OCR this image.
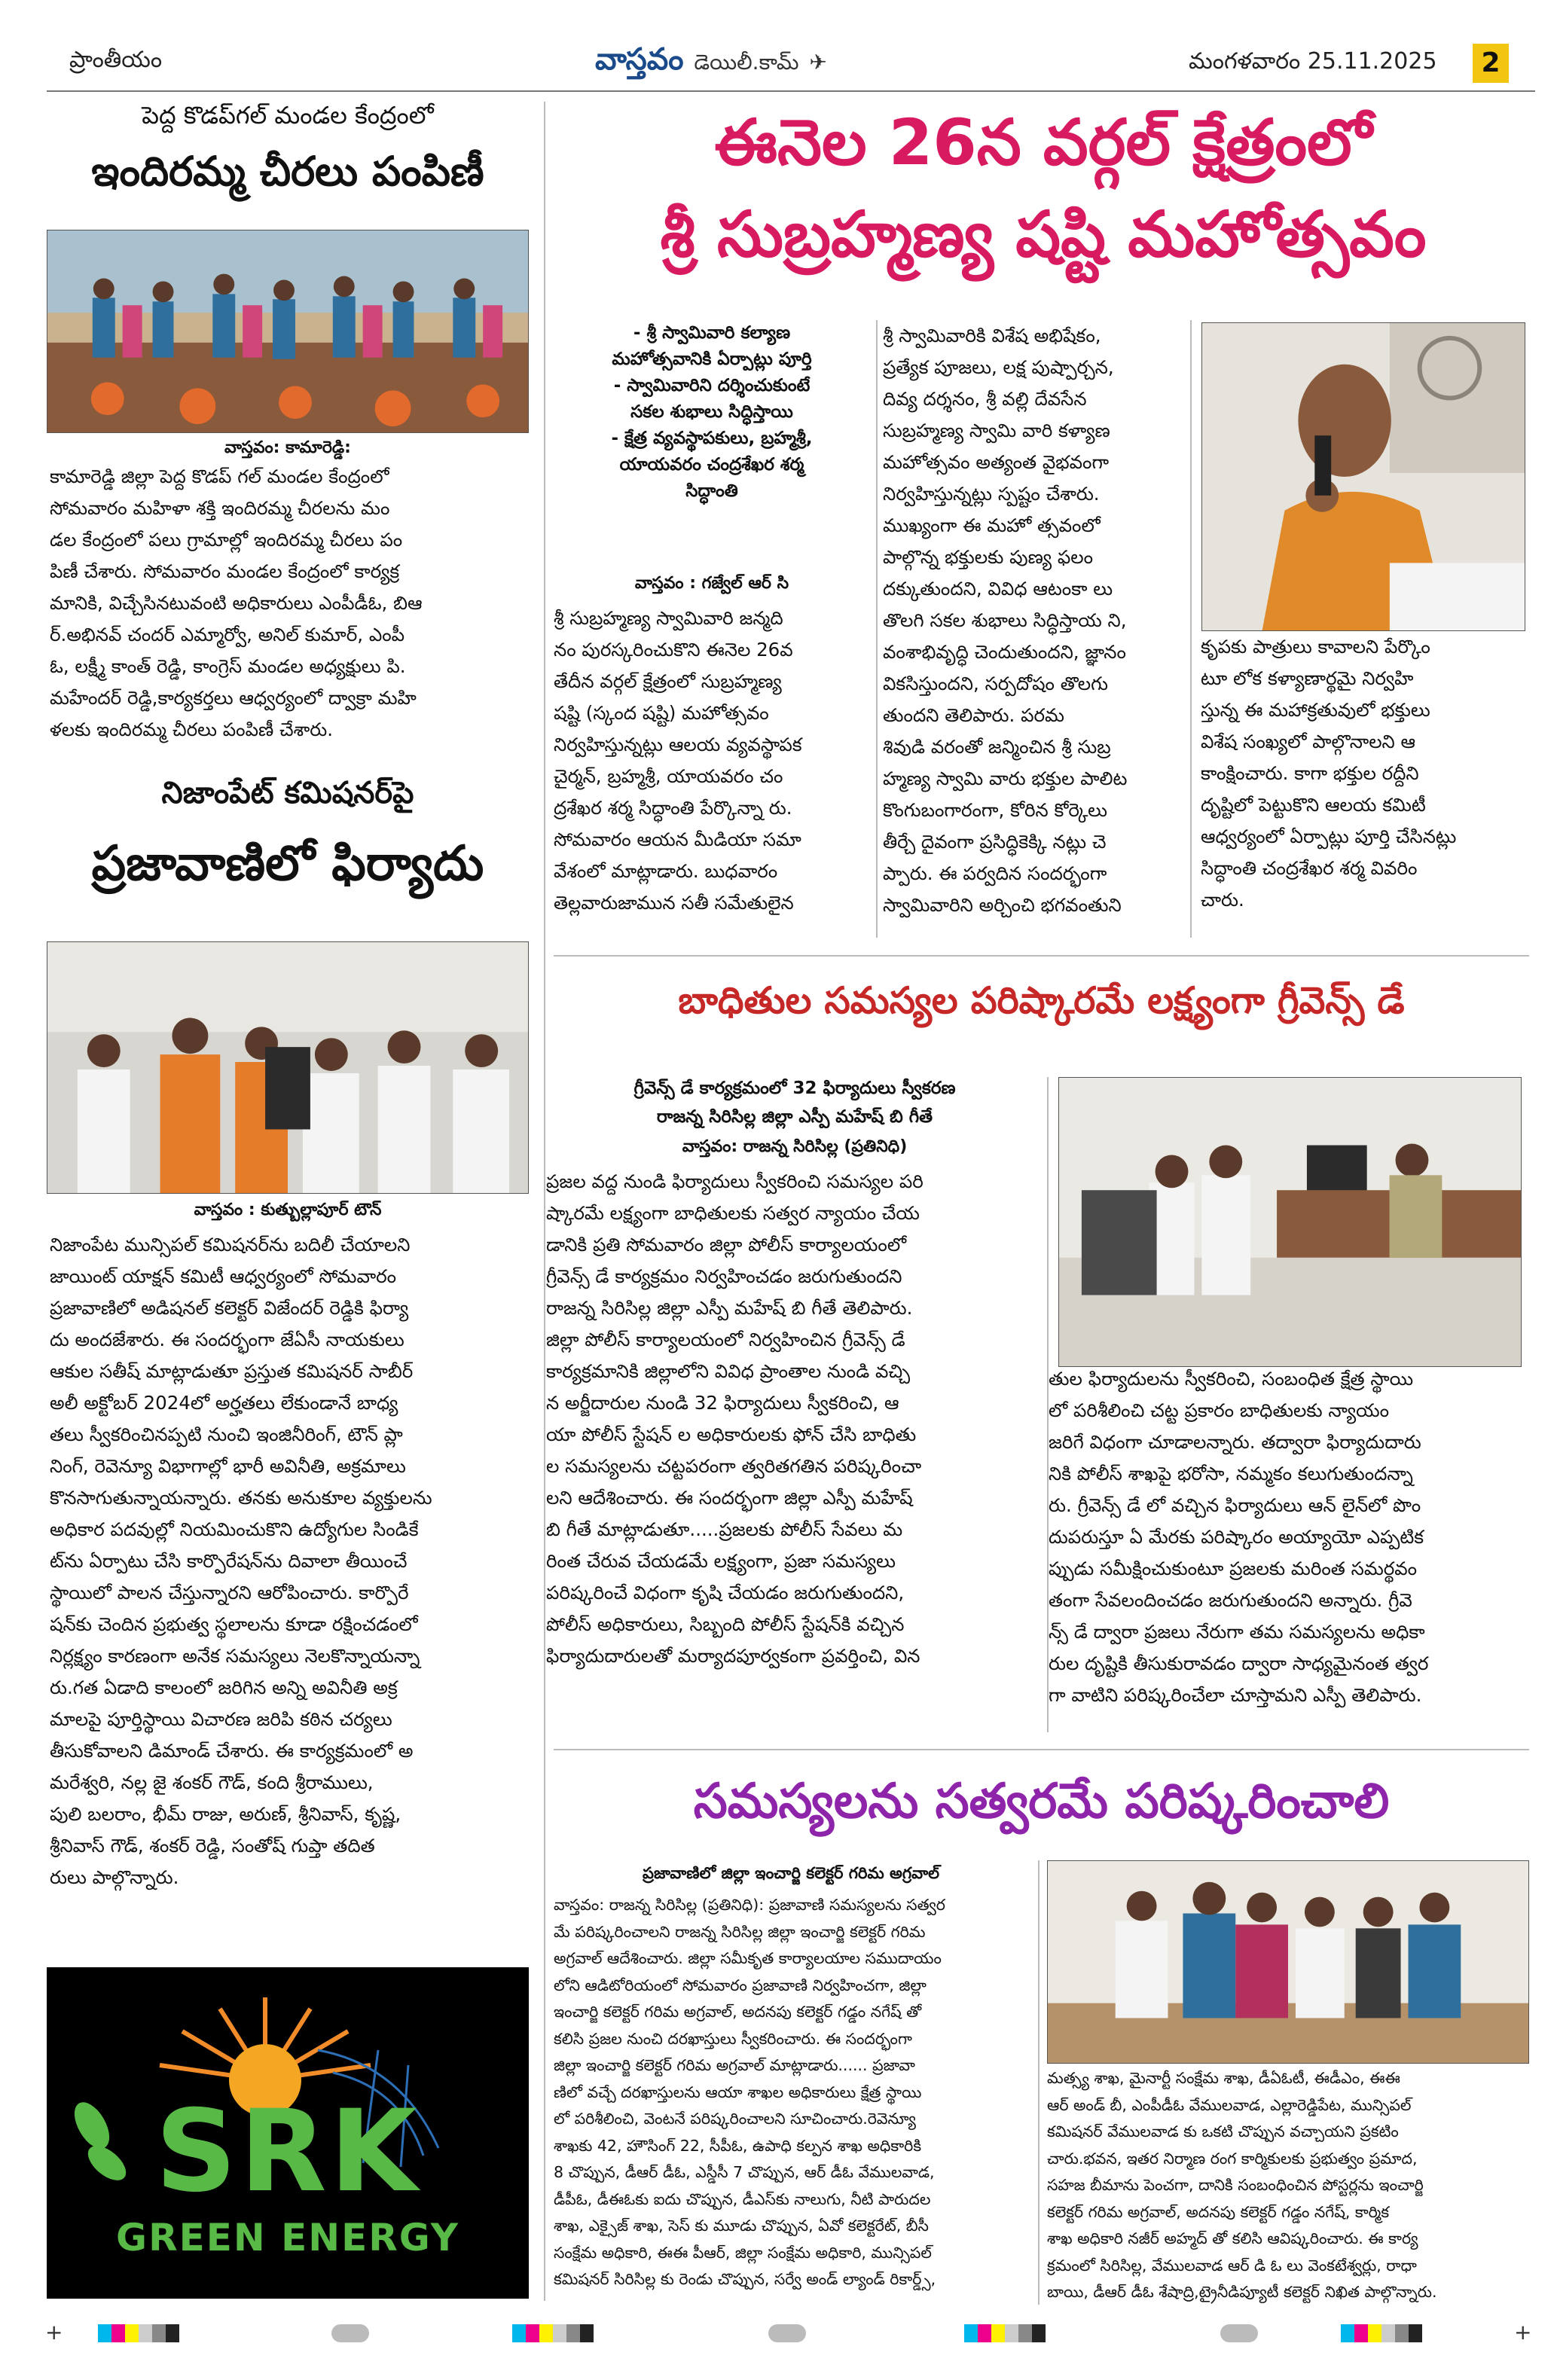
ప్రాంతీయం	వాస్తవం డెయిలీ.కామ్ ✈	మంగళవారం 25.11.2025	2
పెద్ద కొడప్‌గల్ మండల కేంద్రంలో
ఇందిరమ్మ చీరలు పంపిణీ
వాస్తవం: కామారెడ్డి:
కామారెడ్డి జిల్లా పెద్ద కొడప్ గల్ మండల కేంద్రంలో
సోమవారం మహిళా శక్తి ఇందిరమ్మ చీరలను మం
డల కేంద్రంలో పలు గ్రామాల్లో ఇందిరమ్మ చీరలు పం
పిణీ చేశారు. సోమవారం మండల కేంద్రంలో కార్యక్ర
మానికి, విచ్చేసినటువంటి అధికారులు ఎంపీడీఓ, బిఆ
ర్.అభినవ్ చందర్ ఎమ్మార్వో, అనిల్ కుమార్, ఎంపీ
ఓ, లక్ష్మీ కాంత్ రెడ్డి, కాంగ్రెస్ మండల అధ్యక్షులు పి.
మహేందర్ రెడ్డి,కార్యకర్తలు ఆధ్వర్యంలో ద్వాక్రా మహి
ళలకు ఇందిరమ్మ చీరలు పంపిణీ చేశారు.
నిజాంపేట్ కమిషనర్‌పై
ప్రజావాణిలో ఫిర్యాదు
వాస్తవం : కుత్బుల్లాపూర్ టౌన్
నిజాంపేట మున్సిపల్ కమిషనర్‌ను బదిలీ చేయాలని
జాయింట్ యాక్షన్ కమిటీ ఆధ్వర్యంలో సోమవారం
ప్రజావాణిలో అడిషనల్ కలెక్టర్ విజేందర్ రెడ్డికి ఫిర్యా
దు అందజేశారు. ఈ సందర్భంగా జేఏసీ నాయకులు
ఆకుల సతీష్ మాట్లాడుతూ ప్రస్తుత కమిషనర్ సాబీర్
అలీ అక్టోబర్ 2024లో అర్హతలు లేకుండానే బాధ్య
తలు స్వీకరించినప్పటి నుంచి ఇంజినీరింగ్, టౌన్ ప్లా
నింగ్, రెవెన్యూ విభాగాల్లో భారీ అవినీతి, అక్రమాలు
కొనసాగుతున్నాయన్నారు. తనకు అనుకూల వ్యక్తులను
అధికార పదవుల్లో నియమించుకొని ఉద్యోగుల సిండికే
ట్‌ను ఏర్పాటు చేసి కార్పొరేషన్‌ను దివాలా తీయించే
స్థాయిలో పాలన చేస్తున్నారని ఆరోపించారు. కార్పొరే
షన్‌కు చెందిన ప్రభుత్వ స్థలాలను కూడా రక్షించడంలో
నిర్లక్ష్యం కారణంగా అనేక సమస్యలు నెలకొన్నాయన్నా
రు.గత ఏడాది కాలంలో జరిగిన అన్ని అవినీతి అక్ర
మాలపై పూర్తిస్థాయి విచారణ జరిపి కఠిన చర్యలు
తీసుకోవాలని డిమాండ్ చేశారు. ఈ కార్యక్రమంలో అ
మరేశ్వరి, నల్ల జై శంకర్ గౌడ్, కంది శ్రీరాములు,
పులి బలరాం, భీమ్ రాజు, అరుణ్, శ్రీనివాస్, కృష్ణ,
శ్రీనివాస్ గౌడ్, శంకర్ రెడ్డి, సంతోష్ గుప్తా తదిత
రులు పాల్గొన్నారు.
SRK
GREEN ENERGY
ఈనెల 26న వర్గల్ క్షేత్రంలో
శ్రీ సుబ్రహ్మణ్య షష్టి మహోత్సవం
- శ్రీ స్వామివారి కల్యాణ
మహోత్సవానికి ఏర్పాట్లు పూర్తి
- స్వామివారిని దర్శించుకుంటే
సకల శుభాలు సిద్ధిస్తాయి
- క్షేత్ర వ్యవస్థాపకులు, బ్రహ్మశ్రీ,
యాయవరం చంద్రశేఖర శర్మ
సిద్ధాంతి
వాస్తవం : గజ్వేల్ ఆర్ సి
శ్రీ సుబ్రహ్మణ్య స్వామివారి జన్మది
నం పురస్కరించుకొని ఈనెల 26వ
తేదీన వర్గల్ క్షేత్రంలో సుబ్రహ్మణ్య
షష్టి (స్కంద షష్టి) మహోత్సవం
నిర్వహిస్తున్నట్లు ఆలయ వ్యవస్థాపక
చైర్మన్, బ్రహ్మశ్రీ, యాయవరం చం
ద్రశేఖర శర్మ సిద్ధాంతి పేర్కొన్నా రు.
సోమవారం ఆయన మీడియా సమా
వేశంలో మాట్లాడారు. బుధవారం
తెల్లవారుజామున సతీ సమేతులైన
శ్రీ స్వామివారికి విశేష అభిషేకం,
ప్రత్యేక పూజలు, లక్ష పుష్పార్చన,
దివ్య దర్శనం, శ్రీ వల్లి దేవసేన
సుబ్రహ్మణ్య స్వామి వారి కళ్యాణ
మహోత్సవం అత్యంత వైభవంగా
నిర్వహిస్తున్నట్లు స్పష్టం చేశారు.
ముఖ్యంగా ఈ మహో త్సవంలో
పాల్గొన్న భక్తులకు పుణ్య ఫలం
దక్కుతుందని, వివిధ ఆటంకా లు
తొలగి సకల శుభాలు సిద్ధిస్తాయ ని,
వంశాభివృద్ధి చెందుతుందని, జ్ఞానం
వికసిస్తుందని, సర్పదోషం తొలగు
తుందని తెలిపారు. పరమ
శివుడి వరంతో జన్మించిన శ్రీ సుబ్ర
హ్మణ్య స్వామి వారు భక్తుల పాలిట
కొంగుబంగారంగా, కోరిన కోర్కెలు
తీర్చే దైవంగా ప్రసిద్ధికెక్కి నట్లు చె
ప్పారు. ఈ పర్వదిన సందర్భంగా
స్వామివారిని అర్చించి భగవంతుని
కృపకు పాత్రులు కావాలని పేర్కొం
టూ లోక కళ్యాణార్థమై నిర్వహి
స్తున్న ఈ మహాక్రతువులో భక్తులు
విశేష సంఖ్యలో పాల్గొనాలని ఆ
కాంక్షించారు. కాగా భక్తుల రద్దీని
దృష్టిలో పెట్టుకొని ఆలయ కమిటీ
ఆధ్వర్యంలో ఏర్పాట్లు పూర్తి చేసినట్లు
సిద్ధాంతి చంద్రశేఖర శర్మ వివరిం
చారు.
బాధితుల సమస్యల పరిష్కారమే లక్ష్యంగా గ్రీవెన్స్ డే
గ్రీవెన్స్ డే కార్యక్రమంలో 32 ఫిర్యాదులు స్వీకరణ
రాజన్న సిరిసిల్ల జిల్లా ఎస్పీ మహేష్ బి గీతే
వాస్తవం: రాజన్న సిరిసిల్ల (ప్రతినిధి)
ప్రజల వద్ద నుండి ఫిర్యాదులు స్వీకరించి సమస్యల పరి
ష్కారమే లక్ష్యంగా బాధితులకు సత్వర న్యాయం చేయ
డానికి ప్రతి సోమవారం జిల్లా పోలీస్ కార్యాలయంలో
గ్రీవెన్స్ డే కార్యక్రమం నిర్వహించడం జరుగుతుందని
రాజన్న సిరిసిల్ల జిల్లా ఎస్పీ మహేష్ బి గీతే తెలిపారు.
జిల్లా పోలీస్ కార్యాలయంలో నిర్వహించిన గ్రీవెన్స్ డే
కార్యక్రమానికి జిల్లాలోని వివిధ ప్రాంతాల నుండి వచ్చి
న అర్జీదారుల నుండి 32 ఫిర్యాదులు స్వీకరించి, ఆ
యా పోలీస్ స్టేషన్ ల అధికారులకు ఫోన్ చేసి బాధితు
ల సమస్యలను చట్టపరంగా త్వరితగతిన పరిష్కరించా
లని ఆదేశించారు. ఈ సందర్భంగా జిల్లా ఎస్పీ మహేష్
బి గీతే మాట్లాడుతూ.....ప్రజలకు పోలీస్ సేవలు మ
రింత చేరువ చేయడమే లక్ష్యంగా, ప్రజా సమస్యలు
పరిష్కరించే విధంగా కృషి చేయడం జరుగుతుందని,
పోలీస్ అధికారులు, సిబ్బంది పోలీస్ స్టేషన్‌కి వచ్చిన
ఫిర్యాదుదారులతో మర్యాదపూర్వకంగా ప్రవర్తించి, విన
తుల ఫిర్యాదులను స్వీకరించి, సంబంధిత క్షేత్ర స్థాయి
లో పరిశీలించి చట్ట ప్రకారం బాధితులకు న్యాయం
జరిగే విధంగా చూడాలన్నారు. తద్వారా ఫిర్యాదుదారు
నికి పోలీస్ శాఖపై భరోసా, నమ్మకం కలుగుతుందన్నా
రు. గ్రీవెన్స్ డే లో వచ్చిన ఫిర్యాదులు ఆన్ లైన్‌లో పొం
దుపరుస్తూ ఏ మేరకు పరిష్కారం అయ్యాయో ఎప్పటిక
ప్పుడు సమీక్షించుకుంటూ ప్రజలకు మరింత సమర్థవం
తంగా సేవలందించడం జరుగుతుందని అన్నారు. గ్రీవె
న్స్ డే ద్వారా ప్రజలు నేరుగా తమ సమస్యలను అధికా
రుల దృష్టికి తీసుకురావడం ద్వారా సాధ్యమైనంత త్వర
గా వాటిని పరిష్కరించేలా చూస్తామని ఎస్పీ తెలిపారు.
సమస్యలను సత్వరమే పరిష్కరించాలి
ప్రజావాణిలో జిల్లా ఇంచార్జి కలెక్టర్ గరిమ అగ్రవాల్
వాస్తవం: రాజన్న సిరిసిల్ల (ప్రతినిధి): ప్రజావాణి సమస్యలను సత్వర
మే పరిష్కరించాలని రాజన్న సిరిసిల్ల జిల్లా ఇంచార్జి కలెక్టర్ గరిమ
అగ్రవాల్ ఆదేశించారు. జిల్లా సమీకృత కార్యాలయాల సముదాయం
లోని ఆడిటోరియంలో సోమవారం ప్రజావాణి నిర్వహించగా, జిల్లా
ఇంచార్జి కలెక్టర్ గరిమ అగ్రవాల్, అదనపు కలెక్టర్ గడ్డం నగేష్ తో
కలిసి ప్రజల నుంచి దరఖాస్తులు స్వీకరించారు. ఈ సందర్భంగా
జిల్లా ఇంచార్జి కలెక్టర్ గరిమ అగ్రవాల్ మాట్లాడారు...... ప్రజావా
ణిలో వచ్చే దరఖాస్తులను ఆయా శాఖల అధికారులు క్షేత్ర స్థాయి
లో పరిశీలించి, వెంటనే పరిష్కరించాలని సూచించారు.రెవెన్యూ
శాఖకు 42, హౌసింగ్ 22, సీపీఓ, ఉపాధి కల్పన శాఖ అధికారికి
8 చొప్పున, డీఆర్ డీఓ, ఎస్డీసీ 7 చొప్పున, ఆర్ డీఓ వేములవాడ,
డీపీఓ, డీఈఓకు ఐదు చొప్పున, డీఎస్‌కు నాలుగు, నీటి పారుదల
శాఖ, ఎక్సైజ్ శాఖ, సెస్ కు మూడు చొప్పున, ఏవో కలెక్టరేట్, బీసీ
సంక్షేమ అధికారి, ఈఈ పీఆర్, జిల్లా సంక్షేమ అధికారి, మున్సిపల్
కమిషనర్ సిరిసిల్ల కు రెండు చొప్పున, సర్వే అండ్ ల్యాండ్ రికార్డ్స్,
మత్స్య శాఖ, మైనార్టీ సంక్షేమ శాఖ, డీఏఓటీ, ఈడీఎం, ఈఈ
ఆర్ అండ్ బీ, ఎంపీడీఓ వేములవాడ, ఎల్లారెడ్డిపేట, మున్సిపల్
కమిషనర్ వేములవాడ కు ఒకటి చొప్పున వచ్చాయని ప్రకటిం
చారు.భవన, ఇతర నిర్మాణ రంగ కార్మికులకు ప్రభుత్వం ప్రమాద,
సహజ బీమాను పెంచగా, దానికి సంబంధించిన పోస్టర్లను ఇంచార్జి
కలెక్టర్ గరిమ అగ్రవాల్, అదనపు కలెక్టర్ గడ్డం నగేష్, కార్మిక
శాఖ అధికారి నజీర్ అహ్మద్ తో కలిసి ఆవిష్కరించారు. ఈ కార్య
క్రమంలో సిరిసిల్ల, వేములవాడ ఆర్ డి ఓ లు వెంకటేశ్వర్లు, రాధా
బాయి, డీఆర్ డీఓ శేషాద్రి,ట్రైనీడిప్యూటీ కలెక్టర్ నిఖిత పాల్గొన్నారు.
+	+
